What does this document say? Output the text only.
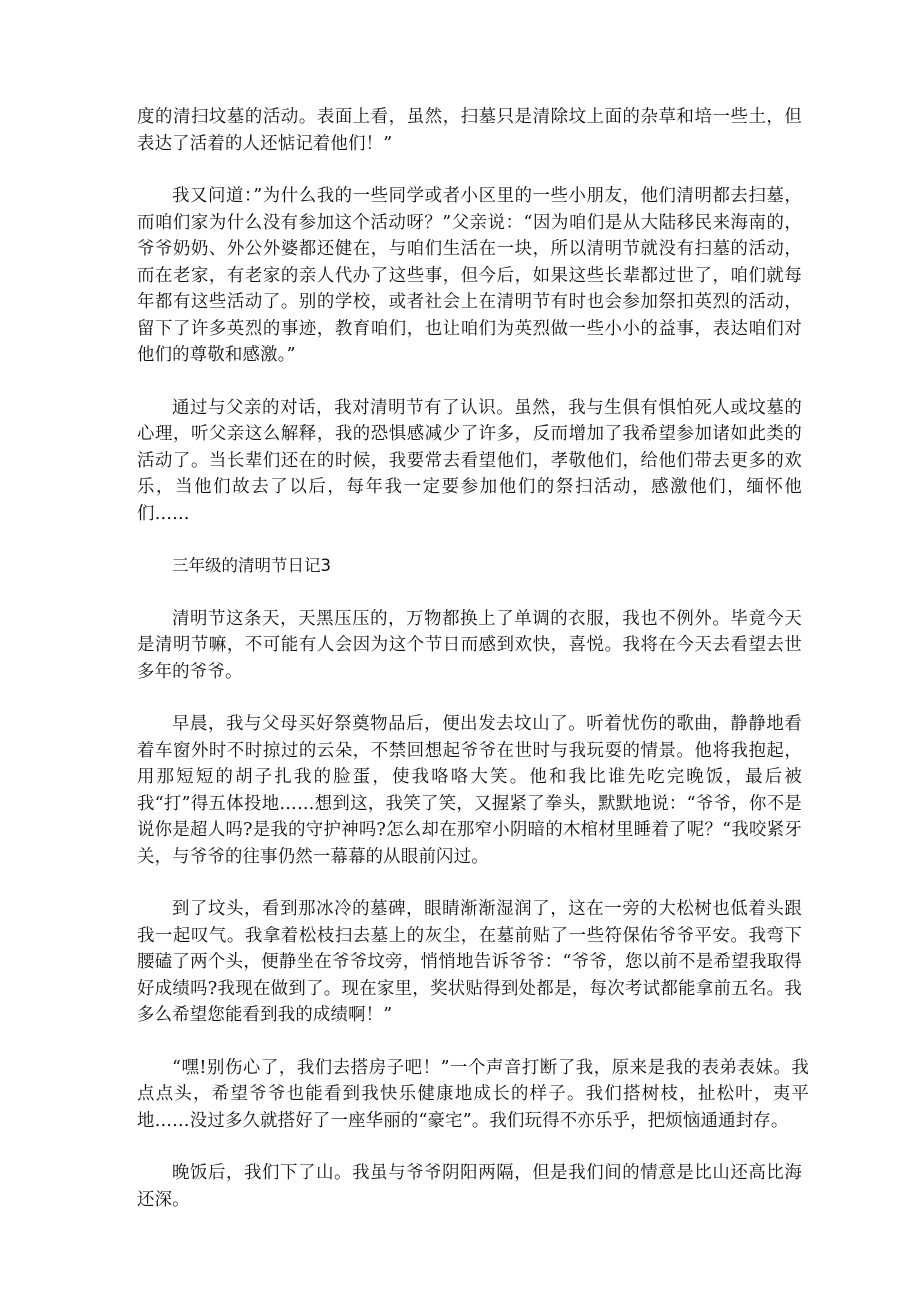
度的清扫坟墓的活动。表面上看，虽然，扫墓只是清除坟上面的杂草和培一些土，但表达了活着的人还惦记着他们！”

我又问道：”为什么我的一些同学或者小区里的一些小朋友，他们清明都去扫墓，而咱们家为什么没有参加这个活动呀？”父亲说：“因为咱们是从大陆移民来海南的，爷爷奶奶、外公外婆都还健在，与咱们生活在一块，所以清明节就没有扫墓的活动，而在老家，有老家的亲人代办了这些事，但今后，如果这些长辈都过世了，咱们就每年都有这些活动了。别的学校，或者社会上在清明节有时也会参加祭扣英烈的活动，留下了许多英烈的事迹，教育咱们，也让咱们为英烈做一些小小的益事，表达咱们对他们的尊敬和感激。”

通过与父亲的对话，我对清明节有了认识。虽然，我与生俱有惧怕死人或坟墓的心理，听父亲这么解释，我的恐惧感减少了许多，反而增加了我希望参加诸如此类的活动了。当长辈们还在的时候，我要常去看望他们，孝敬他们，给他们带去更多的欢乐，当他们故去了以后，每年我一定要参加他们的祭扫活动，感激他们，缅怀他们……

三年级的清明节日记3

清明节这条天，天黑压压的，万物都换上了单调的衣服，我也不例外。毕竟今天是清明节嘛，不可能有人会因为这个节日而感到欢快，喜悦。我将在今天去看望去世多年的爷爷。

早晨，我与父母买好祭奠物品后，便出发去坟山了。听着忧伤的歌曲，静静地看着车窗外时不时掠过的云朵，不禁回想起爷爷在世时与我玩耍的情景。他将我抱起，用那短短的胡子扎我的脸蛋，使我咯咯大笑。他和我比谁先吃完晚饭，最后被我“打”得五体投地……想到这，我笑了笑，又握紧了拳头，默默地说：“爷爷，你不是说你是超人吗?是我的守护神吗?怎么却在那窄小阴暗的木棺材里睡着了呢？“我咬紧牙关，与爷爷的往事仍然一幕幕的从眼前闪过。

到了坟头，看到那冰冷的墓碑，眼睛渐渐湿润了，这在一旁的大松树也低着头跟我一起叹气。我拿着松枝扫去墓上的灰尘，在墓前贴了一些符保佑爷爷平安。我弯下腰磕了两个头，便静坐在爷爷坟旁，悄悄地告诉爷爷：“爷爷，您以前不是希望我取得好成绩吗?我现在做到了。现在家里，奖状贴得到处都是，每次考试都能拿前五名。我多么希望您能看到我的成绩啊！”

“嘿!别伤心了，我们去搭房子吧！”一个声音打断了我，原来是我的表弟表妹。我点点头，希望爷爷也能看到我快乐健康地成长的样子。我们搭树枝，扯松叶，夷平地……没过多久就搭好了一座华丽的“豪宅”。我们玩得不亦乐乎，把烦恼通通封存。

晚饭后，我们下了山。我虽与爷爷阴阳两隔，但是我们间的情意是比山还高比海还深。
